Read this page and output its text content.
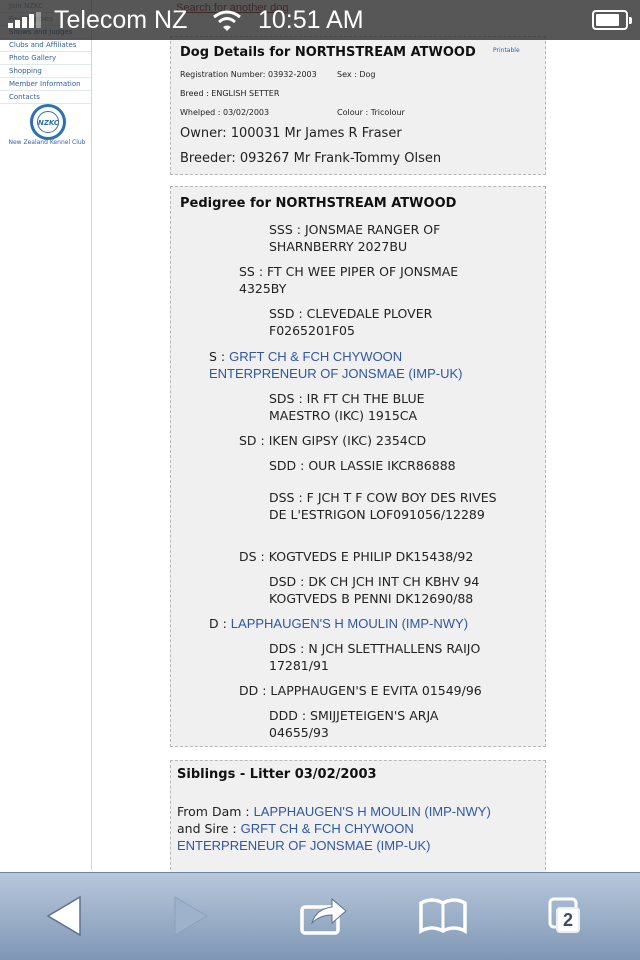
Clubs and Affiliates
Photo Gallery
Shopping
Member Information
Contacts
NZKC
New Zealand Kennel Club
Dog Details for NORTHSTREAM ATWOOD	Printable
Registration Number: 03932-2003	Sex : Dog
Breed : ENGLISH SETTER
Whelped : 03/02/2003	Colour : Tricolour
Owner: 100031 Mr James R Fraser
Breeder: 093267 Mr Frank-Tommy Olsen
Pedigree for NORTHSTREAM ATWOOD
SSS : JONSMAE RANGER OF SHARNBERRY 2027BU
SS : FT CH WEE PIPER OF JONSMAE 4325BY
SSD : CLEVEDALE PLOVER F0265201F05
S : GRFT CH & FCH CHYWOON ENTERPRENEUR OF JONSMAE (IMP-UK)
SDS : IR FT CH THE BLUE MAESTRO (IKC) 1915CA
SD : IKEN GIPSY (IKC) 2354CD
SDD : OUR LASSIE IKCR86888
DSS : F JCH T F COW BOY DES RIVES DE L'ESTRIGON LOF091056/12289
DS : KOGTVEDS E PHILIP DK15438/92
DSD : DK CH JCH INT CH KBHV 94 KOGTVEDS B PENNI DK12690/88
D : LAPPHAUGEN'S H MOULIN (IMP-NWY)
DDS : N JCH SLETTHALLENS RAIJO 17281/91
DD : LAPPHAUGEN'S E EVITA 01549/96
DDD : SMIJJETEIGEN'S ARJA 04655/93
Siblings - Litter 03/02/2003
From Dam : LAPPHAUGEN'S H MOULIN (IMP-NWY)
and Sire : GRFT CH & FCH CHYWOON ENTERPRENEUR OF JONSMAE (IMP-UK)
Telecom NZ	10:51 AM
2
